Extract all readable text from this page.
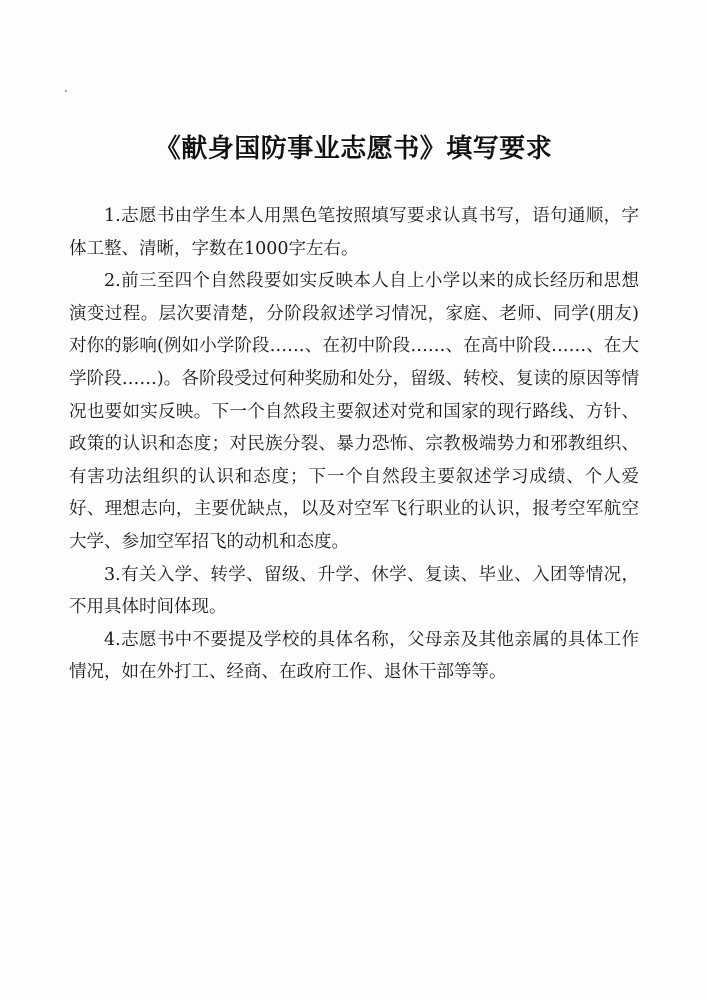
《献身国防事业志愿书》填写要求

1.志愿书由学生本人用黑色笔按照填写要求认真书写，语句通顺，字体工整、清晰，字数在1000字左右。

2.前三至四个自然段要如实反映本人自上小学以来的成长经历和思想演变过程。层次要清楚，分阶段叙述学习情况，家庭、老师、同学(朋友)对你的影响(例如小学阶段……、在初中阶段……、在高中阶段……、在大学阶段……)。各阶段受过何种奖励和处分，留级、转校、复读的原因等情况也要如实反映。下一个自然段主要叙述对党和国家的现行路线、方针、政策的认识和态度；对民族分裂、暴力恐怖、宗教极端势力和邪教组织、有害功法组织的认识和态度；下一个自然段主要叙述学习成绩、个人爱好、理想志向，主要优缺点，以及对空军飞行职业的认识，报考空军航空大学、参加空军招飞的动机和态度。

3.有关入学、转学、留级、升学、休学、复读、毕业、入团等情况，不用具体时间体现。

4.志愿书中不要提及学校的具体名称，父母亲及其他亲属的具体工作情况，如在外打工、经商、在政府工作、退休干部等等。
